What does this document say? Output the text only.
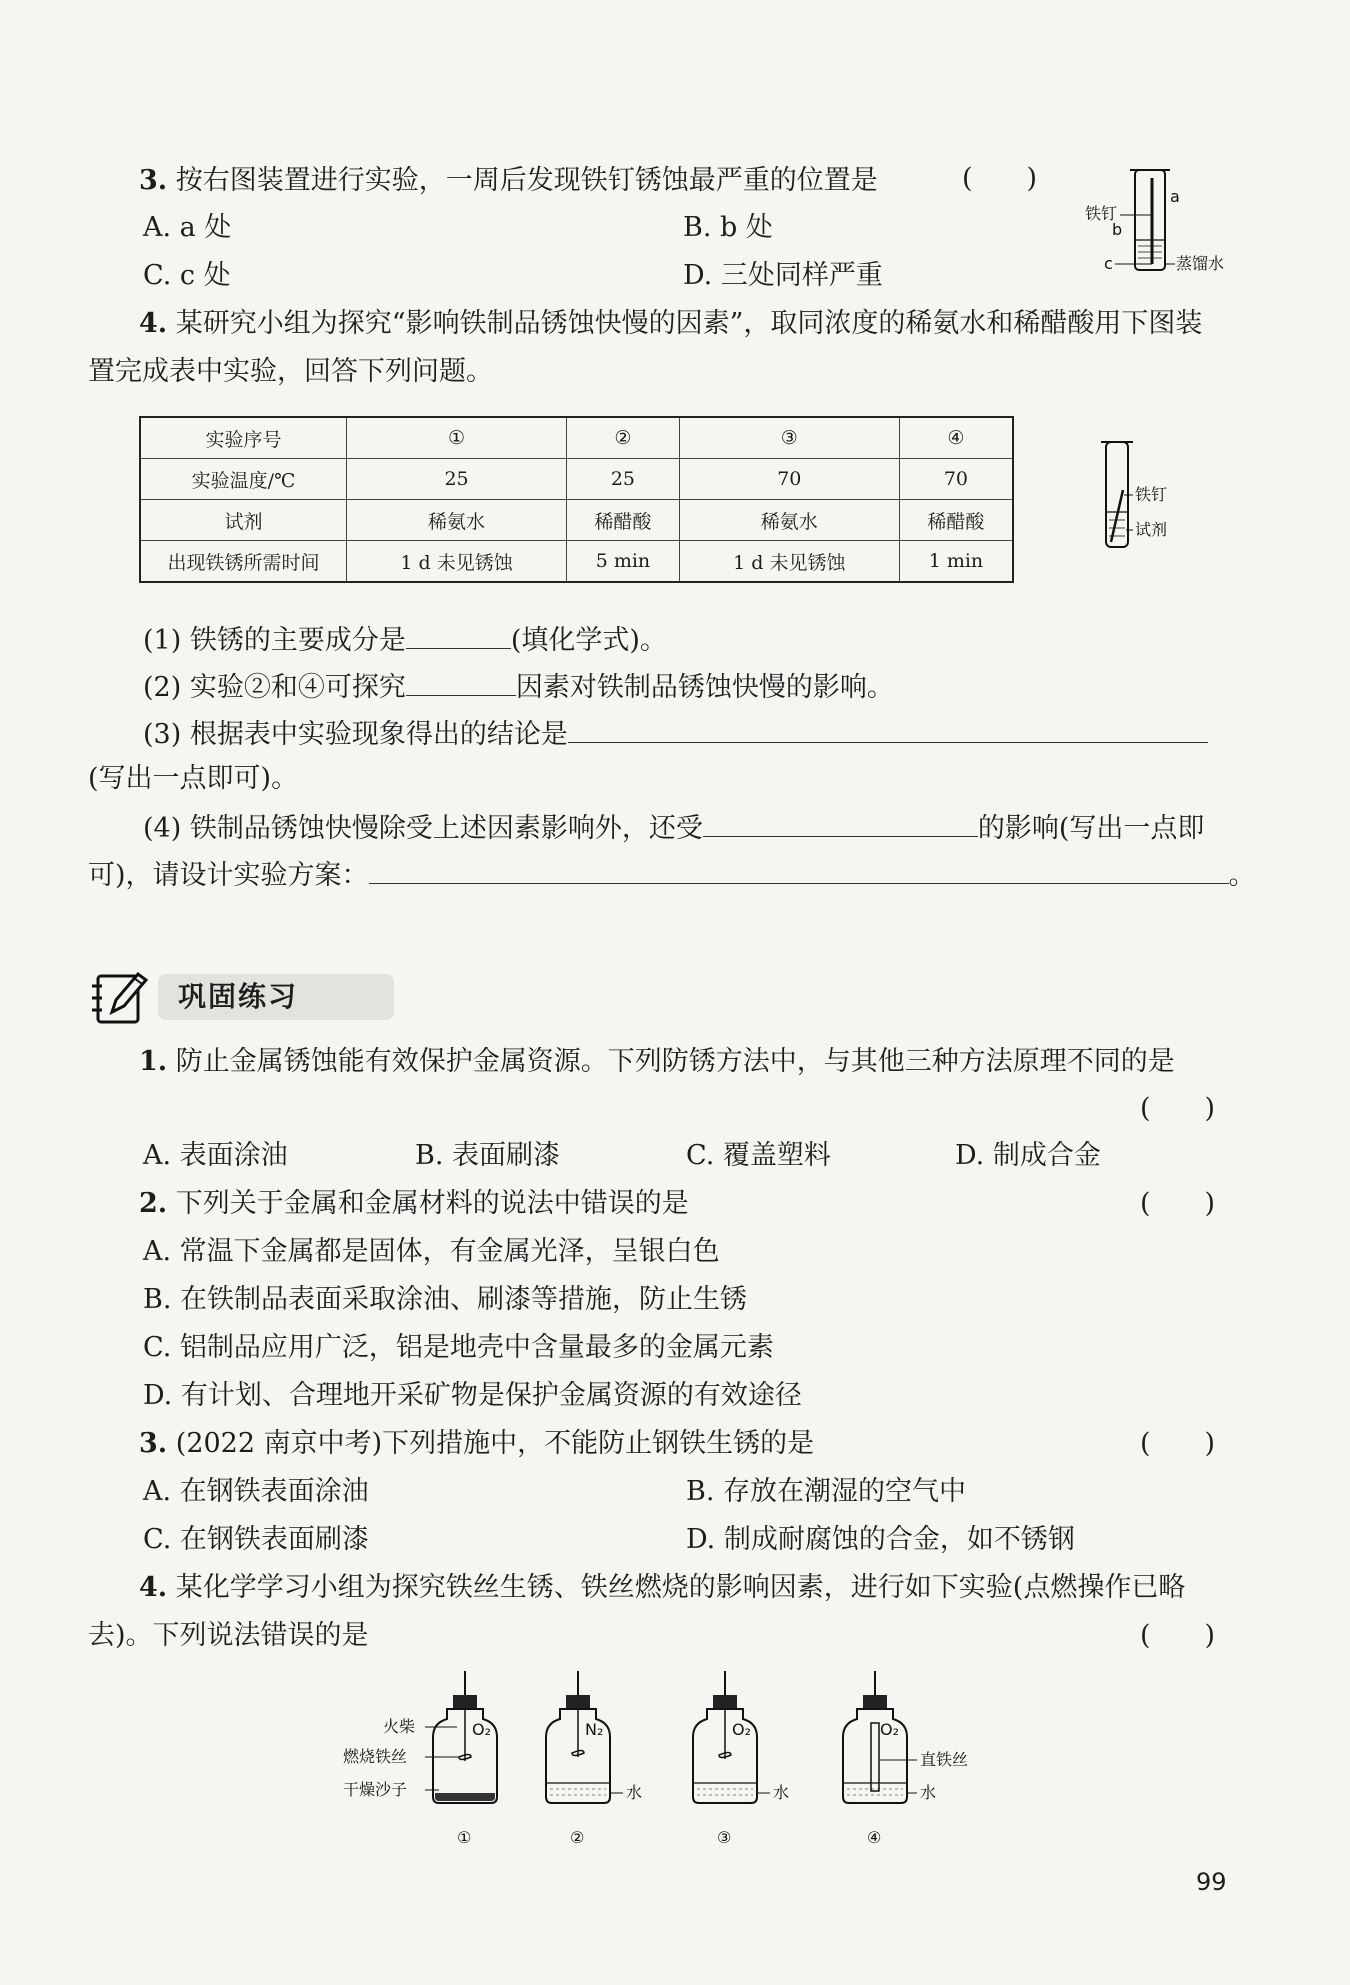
3. 按右图装置进行实验，一周后发现铁钉锈蚀最严重的位置是	(　　)
A. a 处	B. b 处
C. c 处	D. 三处同样严重
铁钉
a
b
c	蒸馏水
4. 某研究小组为探究“影响铁制品锈蚀快慢的因素”，取同浓度的稀氨水和稀醋酸用下图装
置完成表中实验，回答下列问题。
实验序号	①	②	③	④
实验温度/℃	25	25	70	70
试剂	稀氨水	稀醋酸	稀氨水	稀醋酸
出现铁锈所需时间	1 d 未见锈蚀	5 min	1 d 未见锈蚀	1 min
铁钉
试剂
(1) 铁锈的主要成分是	(填化学式)。
(2) 实验②和④可探究	因素对铁制品锈蚀快慢的影响。
(3) 根据表中实验现象得出的结论是
(写出一点即可)。
(4) 铁制品锈蚀快慢除受上述因素影响外，还受	的影响(写出一点即
可)，请设计实验方案：	。
巩固练习
1. 防止金属锈蚀能有效保护金属资源。下列防锈方法中，与其他三种方法原理不同的是
(　　)
A. 表面涂油	B. 表面刷漆	C. 覆盖塑料	D. 制成合金
2. 下列关于金属和金属材料的说法中错误的是	(　　)
A. 常温下金属都是固体，有金属光泽，呈银白色
B. 在铁制品表面采取涂油、刷漆等措施，防止生锈
C. 铝制品应用广泛，铝是地壳中含量最多的金属元素
D. 有计划、合理地开采矿物是保护金属资源的有效途径
3. (2022 南京中考)下列措施中，不能防止钢铁生锈的是	(　　)
A. 在钢铁表面涂油	B. 存放在潮湿的空气中
C. 在钢铁表面刷漆	D. 制成耐腐蚀的合金，如不锈钢
4. 某化学学习小组为探究铁丝生锈、铁丝燃烧的影响因素，进行如下实验(点燃操作已略
去)。下列说法错误的是	(　　)
O₂
火柴
燃烧铁丝
干燥沙子
①
N₂
水
②
O₂
水
③
O₂
直铁丝
水
④
99
